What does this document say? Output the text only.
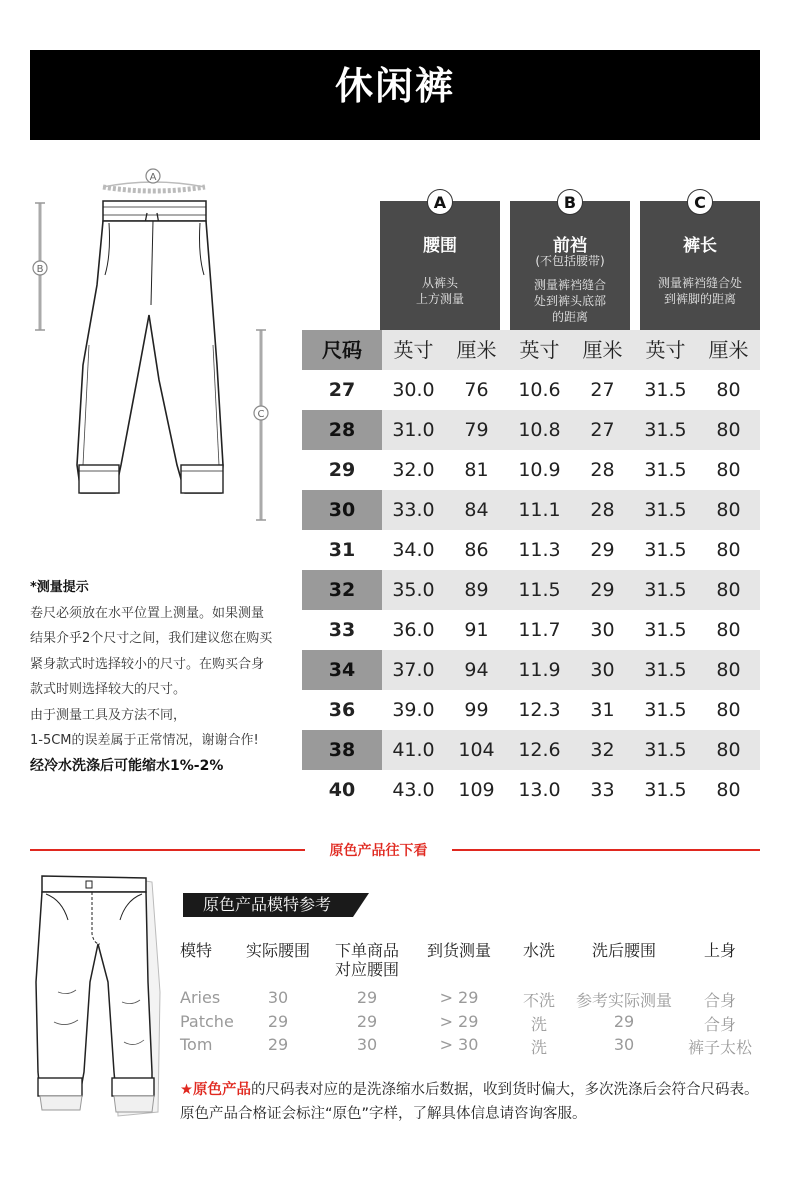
休闲裤
A
B
C
A
腰围
从裤头
上方测量
B
前裆
(不包括腰带)
测量裤裆缝合
处到裤头底部
的距离
C
裤长
测量裤裆缝合处
到裤脚的距离
尺码	英寸	厘米	英寸	厘米	英寸	厘米
27	30.0	76	10.6	27	31.5	80
28	31.0	79	10.8	27	31.5	80
29	32.0	81	10.9	28	31.5	80
30	33.0	84	11.1	28	31.5	80
31	34.0	86	11.3	29	31.5	80
32	35.0	89	11.5	29	31.5	80
33	36.0	91	11.7	30	31.5	80
34	37.0	94	11.9	30	31.5	80
36	39.0	99	12.3	31	31.5	80
38	41.0	104	12.6	32	31.5	80
40	43.0	109	13.0	33	31.5	80
*测量提示
卷尺必须放在水平位置上测量。如果测量
结果介乎2个尺寸之间，我们建议您在购买
紧身款式时选择较小的尺寸。在购买合身
款式时则选择较大的尺寸。
由于测量工具及方法不同，
1-5CM的误差属于正常情况，谢谢合作!
经冷水洗涤后可能缩水1%-2%
原色产品往下看
原色产品模特参考
模特	实际腰围	下单商品
对应腰围
到货测量	水洗	洗后腰围	上身
Aries	30	29	> 29	不洗	参考实际测量	合身
Patche	29	29	> 29	洗	29	合身
Tom	29	30	> 30	洗	30	裤子太松
★原色产品的尺码表对应的是洗涤缩水后数据，收到货时偏大，多次洗涤后会符合尺码表。原色产品合格证会标注“原色”字样，了解具体信息请咨询客服。
